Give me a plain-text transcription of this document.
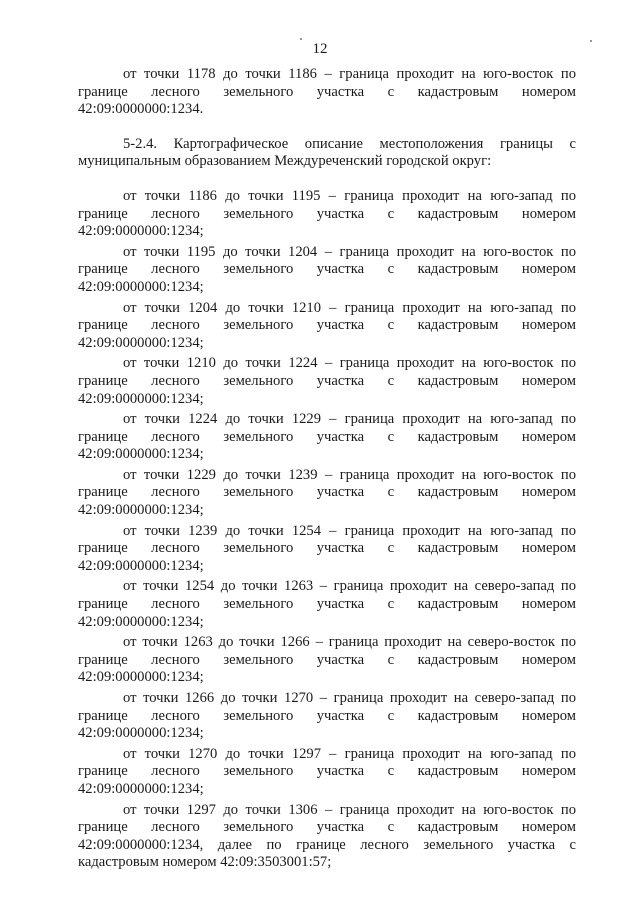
12

от точки 1178 до точки 1186 – граница проходит на юго-восток по границе лесного земельного участка с кадастровым номером 42:09:0000000:1234.

5-2.4. Картографическое описание местоположения границы с муниципальным образованием Междуреченский городской округ:

от точки 1186 до точки 1195 – граница проходит на юго-запад по границе лесного земельного участка с кадастровым номером 42:09:0000000:1234;

от точки 1195 до точки 1204 – граница проходит на юго-восток по границе лесного земельного участка с кадастровым номером 42:09:0000000:1234;

от точки 1204 до точки 1210 – граница проходит на юго-запад по границе лесного земельного участка с кадастровым номером 42:09:0000000:1234;

от точки 1210 до точки 1224 – граница проходит на юго-восток по границе лесного земельного участка с кадастровым номером 42:09:0000000:1234;

от точки 1224 до точки 1229 – граница проходит на юго-запад по границе лесного земельного участка с кадастровым номером 42:09:0000000:1234;

от точки 1229 до точки 1239 – граница проходит на юго-восток по границе лесного земельного участка с кадастровым номером 42:09:0000000:1234;

от точки 1239 до точки 1254 – граница проходит на юго-запад по границе лесного земельного участка с кадастровым номером 42:09:0000000:1234;

от точки 1254 до точки 1263 – граница проходит на северо-запад по границе лесного земельного участка с кадастровым номером 42:09:0000000:1234;

от точки 1263 до точки 1266 – граница проходит на северо-восток по границе лесного земельного участка с кадастровым номером 42:09:0000000:1234;

от точки 1266 до точки 1270 – граница проходит на северо-запад по границе лесного земельного участка с кадастровым номером 42:09:0000000:1234;

от точки 1270 до точки 1297 – граница проходит на юго-запад по границе лесного земельного участка с кадастровым номером 42:09:0000000:1234;

от точки 1297 до точки 1306 – граница проходит на юго-восток по границе лесного земельного участка с кадастровым номером 42:09:0000000:1234, далее по границе лесного земельного участка с кадастровым номером 42:09:3503001:57;
